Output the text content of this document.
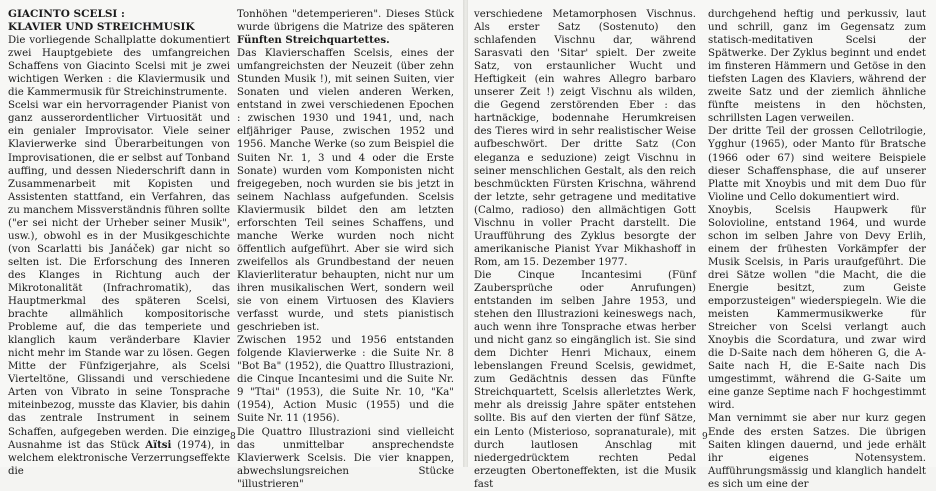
GIACINTO SCELSI :

KLAVIER UND STREICHMUSIK

Die vorliegende Schallplatte dokumentiert zwei Hauptgebiete des umfangreichen Schaffens von Giacinto Scelsi mit je zwei wichtigen Werken : die Klaviermusik und die Kammermusik für Streichinstrumente.

Scelsi war ein hervorragender Pianist von ganz ausserordentlicher Virtuosität und ein genialer Improvisator. Viele seiner Klavierwerke sind Überarbeitungen von Improvisationen, die er selbst auf Tonband auffing, und dessen Niederschrift dann in Zusammenarbeit mit Kopisten und Assistenten stattfand, ein Verfahren, das zu manchem Missverständnis führen sollte ("er sei nicht der Urheber seiner Musik", usw.), obwohl es in der Musikgeschichte (von Scarlatti bis Janáček) gar nicht so selten ist. Die Erforschung des Inneren des Klanges in Richtung auch der Mikrotonalität (Infrachromatik), das Hauptmerkmal des späteren Scelsi, brachte allmählich kompositorische Probleme auf, die das temperiete und klanglich kaum veränderbare Klavier nicht mehr im Stande war zu lösen. Gegen Mitte der Fünfzigerjahre, als Scelsi Vierteltöne, Glissandi und verschiedene Arten von Vibrato in seine Tonsprache miteinbezog, musste das Klavier, bis dahin das zentrale Instrument in seinem Schaffen, aufgegeben werden. Die einzige Ausnahme ist das Stück Aïtsi (1974), in welchem elektronische Verzerrungseffekte die

Tonhöhen "detemperieren". Dieses Stück wurde übrigens die Matrize des späteren Fünften Streichquartettes.

Das Klavierschaffen Scelsis, eines der umfangreichsten der Neuzeit (über zehn Stunden Musik !), mit seinen Suiten, vier Sonaten und vielen anderen Werken, entstand in zwei verschiedenen Epochen : zwischen 1930 und 1941, und, nach elfjähriger Pause, zwischen 1952 und 1956. Manche Werke (so zum Beispiel die Suiten Nr. 1, 3 und 4 oder die Erste Sonate) wurden vom Komponisten nicht freigegeben, noch wurden sie bis jetzt in seinem Nachlass aufgefunden. Scelsis Klaviermusik bildet den am letzten erforschten Teil seines Schaffens, und manche Werke wurden noch nicht öffentlich aufgeführt. Aber sie wird sich zweifellos als Grundbestand der neuen Klavierliteratur behaupten, nicht nur um ihren musikalischen Wert, sondern weil sie von einem Virtuosen des Klaviers verfasst wurde, und stets pianistisch geschrieben ist.

Zwischen 1952 und 1956 entstanden folgende Klavierwerke : die Suite Nr. 8 "Bot Ba" (1952), die Quattro Illustrazioni, die Cinque Incantesimi und die Suite Nr. 9 "Ttai" (1953), die Suite Nr. 10, "Ka" (1954), Action Music (1955) und die Suite Nr. 11 (1956).

Die Quattro Illustrazioni sind vielleicht das unmittelbar ansprechendste Klavierwerk Scelsis. Die vier knappen, abwechslungsreichen Stücke "illustrieren"

8

verschiedene Metamorphosen Vischnus. Als erster Satz (Sostenuto) den schlafenden Vischnu dar, während Sarasvati den 'Sitar' spielt. Der zweite Satz, von erstaunlicher Wucht und Heftigkeit (ein wahres Allegro barbaro unserer Zeit !) zeigt Vischnu als wilden, die Gegend zerstörenden Eber : das hartnäckige, bodennahe Herumkreisen des Tieres wird in sehr realistischer Weise aufbeschwört. Der dritte Satz (Con eleganza e seduzione) zeigt Vischnu in seiner menschlichen Gestalt, als den reich beschmückten Fürsten Krischna, während der letzte, sehr getragene und meditative (Calmo, radioso) den allmächtigen Gott Vischnu in voller Pracht darstellt. Die Uraufführung des Zyklus besorgte der amerikanische Pianist Yvar Mikhashoff in Rom, am 15. Dezember 1977.

Die Cinque Incantesimi (Fünf Zaubersprüche oder Anrufungen) entstanden im selben Jahre 1953, und stehen den Illustrazioni keineswegs nach, auch wenn ihre Tonsprache etwas herber und nicht ganz so eingänglich ist. Sie sind dem Dichter Henri Michaux, einem lebenslangen Freund Scelsis, gewidmet, zum Gedächtnis dessen das Fünfte Streichquartett, Scelsis allerletztes Werk, mehr als dreissig Jahre später entstehen sollte. Bis auf den vierten der fünf Sätze, ein Lento (Misterioso, sopranaturale), mit durch lautlosen Anschlag mit niedergedrücktem rechten Pedal erzeugten Obertoneffekten, ist die Musik fast

durchgehend heftig und perkussiv, laut und schrill, ganz im Gegensatz zum statisch-meditativen Scelsi der Spätwerke. Der Zyklus beginnt und endet im finsteren Hämmern und Getöse in den tiefsten Lagen des Klaviers, während der zweite Satz und der ziemlich ähnliche fünfte meistens in den höchsten, schrillsten Lagen verweilen.

Der dritte Teil der grossen Cellotrilogie, Ygghur (1965), oder Manto für Bratsche (1966 oder 67) sind weitere Beispiele dieser Schaffensphase, die auf unserer Platte mit Xnoybis und mit dem Duo für Violine und Cello dokumentiert wird.

Xnoybis, Scelsis Haupwerk für Solovioline, entstand 1964, und wurde schon im selben Jahre von Devy Erlih, einem der frühesten Vorkämpfer der Musik Scelsis, in Paris uraufgeführt. Die drei Sätze wollen "die Macht, die die Energie besitzt, zum Geiste emporzusteigen" wiederspiegeln. Wie die meisten Kammermusikwerke für Streicher von Scelsi verlangt auch Xnoybis die Scordatura, und zwar wird die D-Saite nach dem höheren G, die A-Saite nach H, die E-Saite nach Dis umgestimmt, während die G-Saite um eine ganze Septime nach F hochgestimmt wird.

Man vernimmt sie aber nur kurz gegen Ende des ersten Satzes. Die übrigen Saiten klingen dauernd, und jede erhält ihr eigenes Notensystem. Aufführungsmässig und klanglich handelt es sich um eine der

9
